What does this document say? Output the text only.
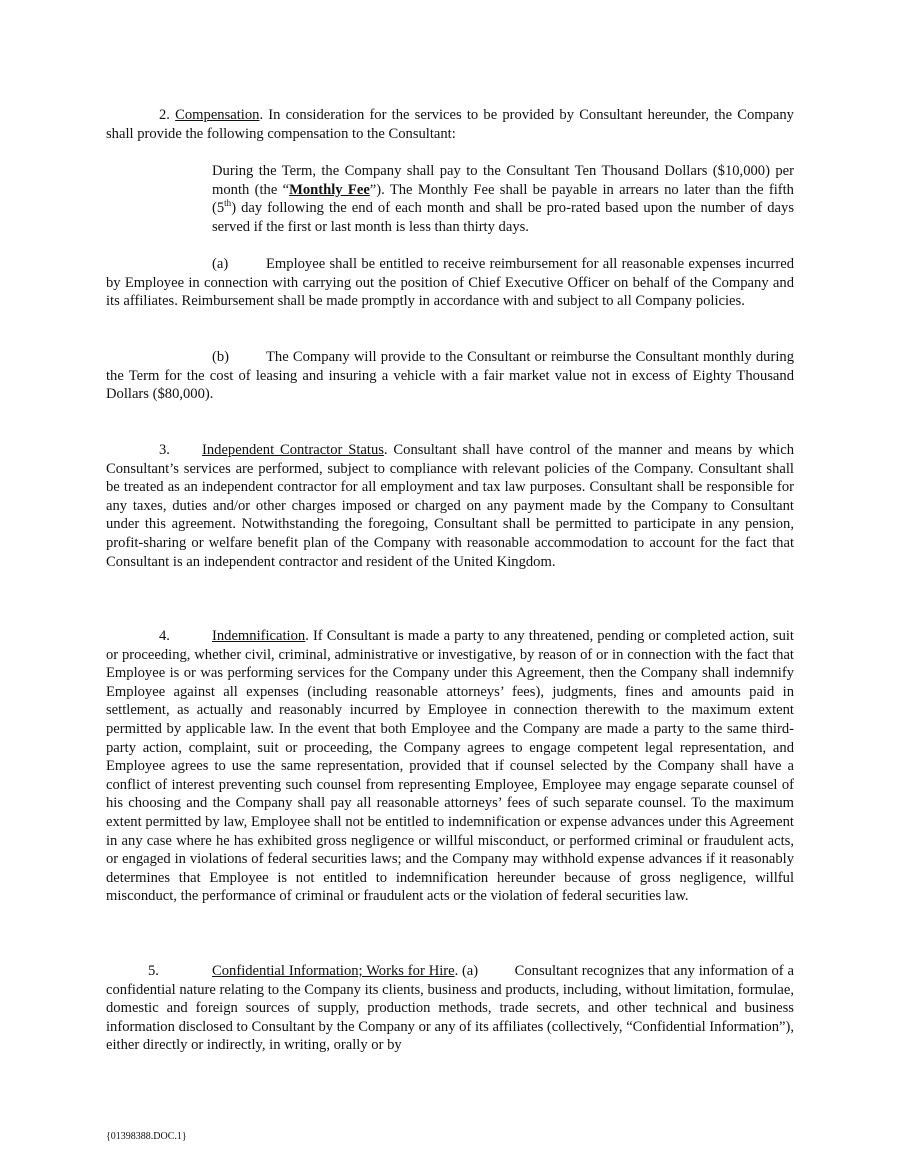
2. Compensation. In consideration for the services to be provided by Consultant hereunder, the Company shall provide the following compensation to the Consultant:

During the Term, the Company shall pay to the Consultant Ten Thousand Dollars ($10,000) per month (the “Monthly Fee”). The Monthly Fee shall be payable in arrears no later than the fifth (5th) day following the end of each month and shall be pro-rated based upon the number of days served if the first or last month is less than thirty days.

(a)	Employee shall be entitled to receive reimbursement for all reasonable expenses incurred by Employee in connection with carrying out the position of Chief Executive Officer on behalf of the Company and its affiliates. Reimbursement shall be made promptly in accordance with and subject to all Company policies.

(b)	The Company will provide to the Consultant or reimburse the Consultant monthly during the Term for the cost of leasing and insuring a vehicle with a fair market value not in excess of Eighty Thousand Dollars ($80,000).

3. Independent Contractor Status. Consultant shall have control of the manner and means by which Consultant’s services are performed, subject to compliance with relevant policies of the Company. Consultant shall be treated as an independent contractor for all employment and tax law purposes. Consultant shall be responsible for any taxes, duties and/or other charges imposed or charged on any payment made by the Company to Consultant under this agreement. Notwithstanding the foregoing, Consultant shall be permitted to participate in any pension, profit-sharing or welfare benefit plan of the Company with reasonable accommodation to account for the fact that Consultant is an independent contractor and resident of the United Kingdom.

4.	Indemnification. If Consultant is made a party to any threatened, pending or completed action, suit or proceeding, whether civil, criminal, administrative or investigative, by reason of or in connection with the fact that Employee is or was performing services for the Company under this Agreement, then the Company shall indemnify Employee against all expenses (including reasonable attorneys’ fees), judgments, fines and amounts paid in settlement, as actually and reasonably incurred by Employee in connection therewith to the maximum extent permitted by applicable law. In the event that both Employee and the Company are made a party to the same third-party action, complaint, suit or proceeding, the Company agrees to engage competent legal representation, and Employee agrees to use the same representation, provided that if counsel selected by the Company shall have a conflict of interest preventing such counsel from representing Employee, Employee may engage separate counsel of his choosing and the Company shall pay all reasonable attorneys’ fees of such separate counsel. To the maximum extent permitted by law, Employee shall not be entitled to indemnification or expense advances under this Agreement in any case where he has exhibited gross negligence or willful misconduct, or performed criminal or fraudulent acts, or engaged in violations of federal securities laws; and the Company may withhold expense advances if it reasonably determines that Employee is not entitled to indemnification hereunder because of gross negligence, willful misconduct, the performance of criminal or fraudulent acts or the violation of federal securities law.

5.	Confidential Information; Works for Hire. (a)	Consultant recognizes that any information of a confidential nature relating to the Company its clients, business and products, including, without limitation, formulae, domestic and foreign sources of supply, production methods, trade secrets, and other technical and business information disclosed to Consultant by the Company or any of its affiliates (collectively, “Confidential Information”), either directly or indirectly, in writing, orally or by

{01398388.DOC.1}
